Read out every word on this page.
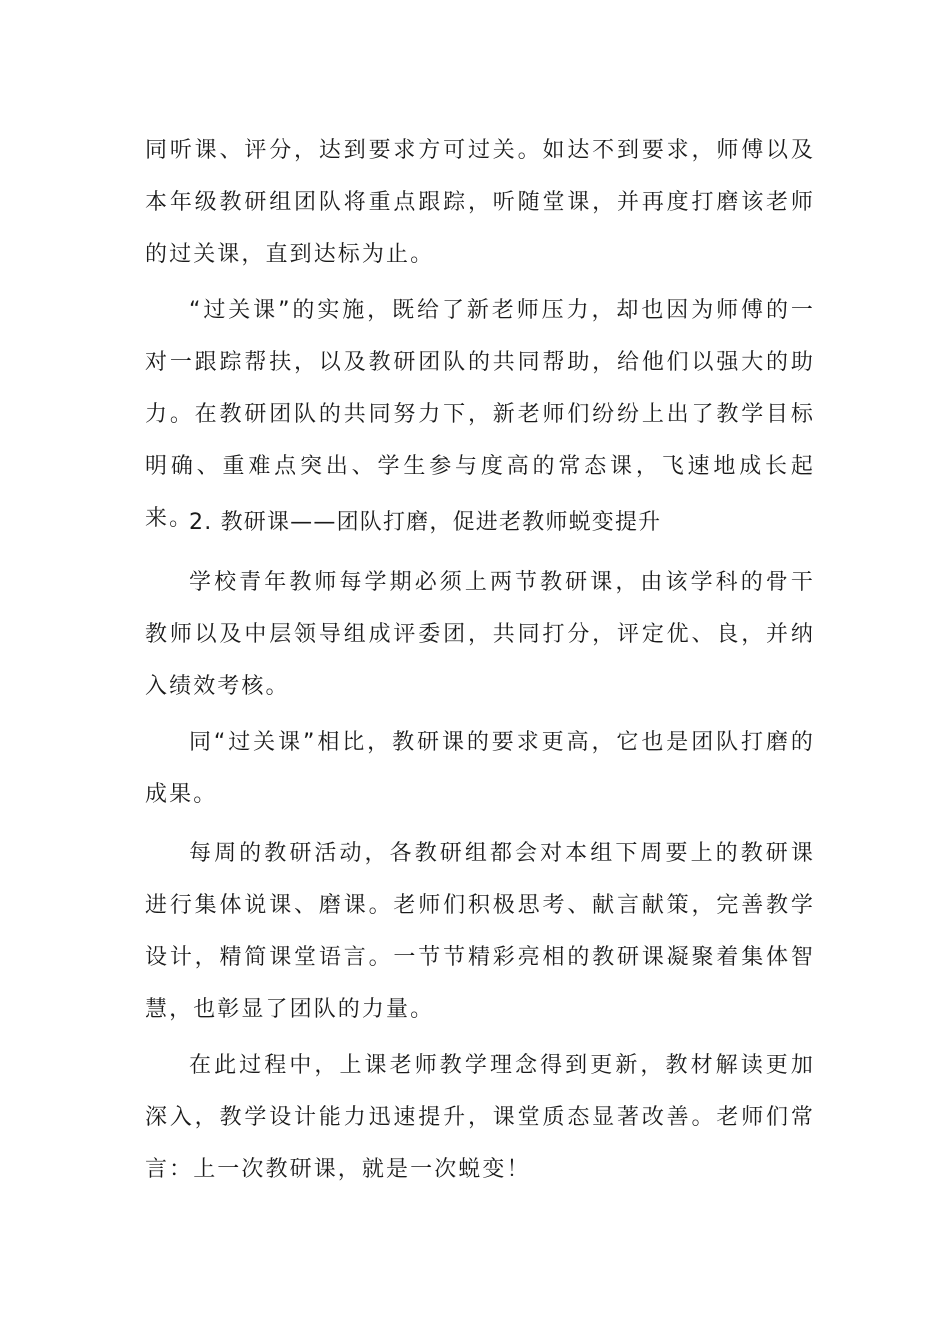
同听课、评分，达到要求方可过关。如达不到要求，师傅以及本年级教研组团队将重点跟踪，听随堂课，并再度打磨该老师的过关课，直到达标为止。

“过关课”的实施，既给了新老师压力，却也因为师傅的一对一跟踪帮扶，以及教研团队的共同帮助，给他们以强大的助力。在教研团队的共同努力下，新老师们纷纷上出了教学目标明确、重难点突出、学生参与度高的常态课，飞速地成长起来。

2. 教研课——团队打磨，促进老教师蜕变提升

学校青年教师每学期必须上两节教研课，由该学科的骨干教师以及中层领导组成评委团，共同打分，评定优、良，并纳入绩效考核。

同“过关课”相比，教研课的要求更高，它也是团队打磨的成果。

每周的教研活动，各教研组都会对本组下周要上的教研课进行集体说课、磨课。老师们积极思考、献言献策，完善教学设计，精简课堂语言。一节节精彩亮相的教研课凝聚着集体智慧，也彰显了团队的力量。

在此过程中，上课老师教学理念得到更新，教材解读更加深入，教学设计能力迅速提升，课堂质态显著改善。老师们常言：上一次教研课，就是一次蜕变！
